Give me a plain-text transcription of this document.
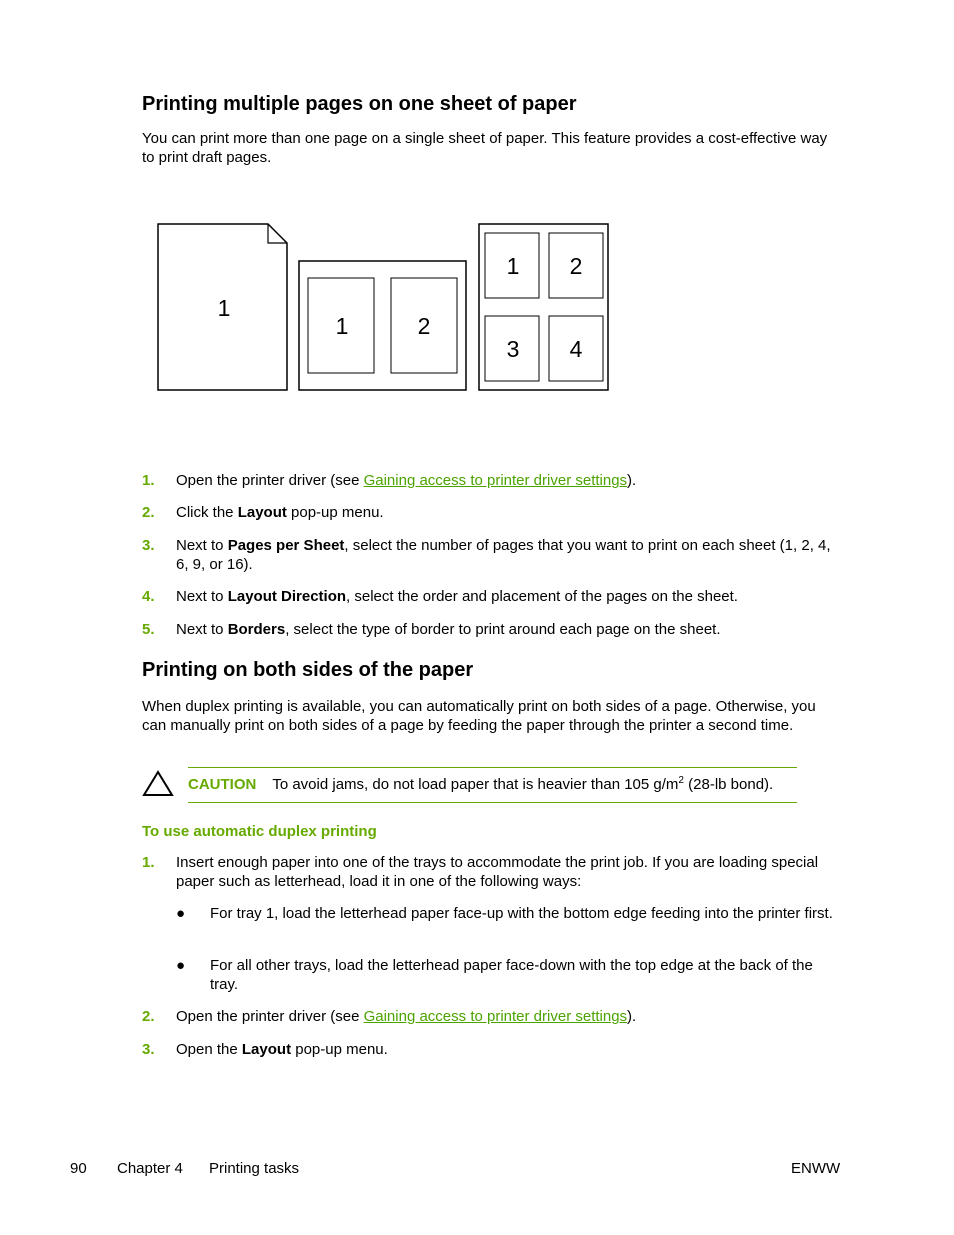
Printing multiple pages on one sheet of paper

You can print more than one page on a single sheet of paper. This feature provides a cost-effective way to print draft pages.

1
1	2
1 2
3 4
1. Open the printer driver (see Gaining access to printer driver settings).
2. Click the Layout pop-up menu.
3. Next to Pages per Sheet, select the number of pages that you want to print on each sheet (1, 2, 4, 6, 9, or 16).
4. Next to Layout Direction, select the order and placement of the pages on the sheet.
5. Next to Borders, select the type of border to print around each page on the sheet.
Printing on both sides of the paper

When duplex printing is available, you can automatically print on both sides of a page. Otherwise, you can manually print on both sides of a page by feeding the paper through the printer a second time.

CAUTION To avoid jams, do not load paper that is heavier than 105 $g/m^2$ (28-lb bond).
To use automatic duplex printing
1. Insert enough paper into one of the trays to accommodate the print job. If you are loading special paper such as letterhead, load it in one of the following ways:
● For tray 1, load the letterhead paper face-up with the bottom edge feeding into the printer first.
● For all other trays, load the letterhead paper face-down with the top edge at the back of the tray.
2. Open the printer driver (see Gaining access to printer driver settings).
3. Open the Layout pop-up menu.
90 Chapter 4 Printing tasks	ENWW
